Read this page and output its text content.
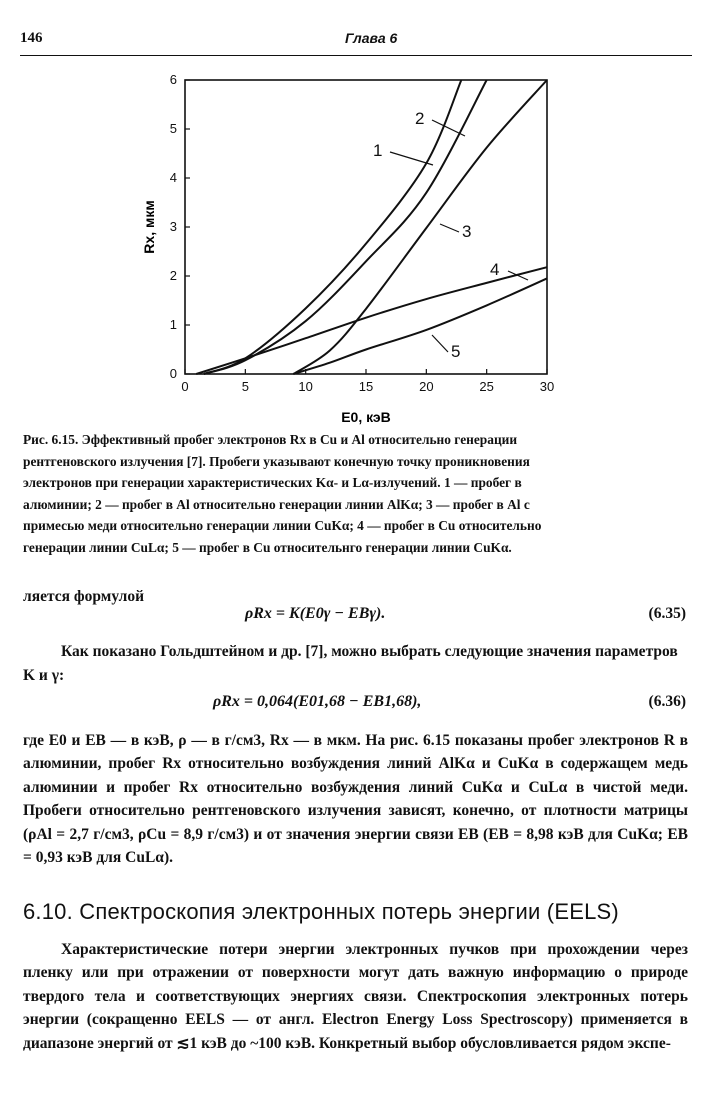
146	Глава 6
0	5	10	15	20	25	30
0
1
2
3
4
5
6
1
2
3
4
5
E0, кэВ
Rx, мкм
Рис. 6.15. Эффективный пробег электронов Rx в Cu и Al относительно генерации
рентгеновского излучения [7]. Пробеги указывают конечную точку проникновения
электронов при генерации характеристических Kα- и Lα-излучений. 1 — пробег в
алюминии; 2 — пробег в Al относительно генерации линии AlKα; 3 — пробег в Al с
примесью меди относительно генерации линии CuKα; 4 — пробег в Cu относительно
генерации линии CuLα; 5 — пробег в Cu относительнго генерации линии CuKα.
ляется формулой
ρRx = K(E0γ − EBγ).	(6.35)
Как показано Гольдштейном и др. [7], можно выбрать следующие значения параметров K и γ:
ρRx = 0,064(E01,68 − EB1,68),	(6.36)
где E0 и EB — в кэВ, ρ — в г/см3, Rx — в мкм. На рис. 6.15 показаны пробег электронов R в алюминии, пробег Rx относительно возбуждения линий AlKα и CuKα в содержащем медь алюминии и пробег Rx относительно возбуждения линий CuKα и CuLα в чистой меди. Пробеги относительно рентгеновского излучения зависят, конечно, от плотности матрицы (ρAl = 2,7 г/см3, ρCu = 8,9 г/см3) и от значения энергии связи EB (EB = 8,98 кэВ для CuKα; EB = 0,93 кэВ для CuLα).
6.10. Спектроскопия электронных потерь энергии (EELS)
Характеристические потери энергии электронных пучков при прохождении через пленку или при отражении от поверхности могут дать важную информацию о природе твердого тела и соответствующих энергиях связи. Спектроскопия электронных потерь энергии (сокращенно EELS — от англ. Electron Energy Loss Spectroscopy) применяется в диапазоне энергий от ≲1 кэВ до ~100 кэВ. Конкретный выбор обусловливается рядом экспе-
